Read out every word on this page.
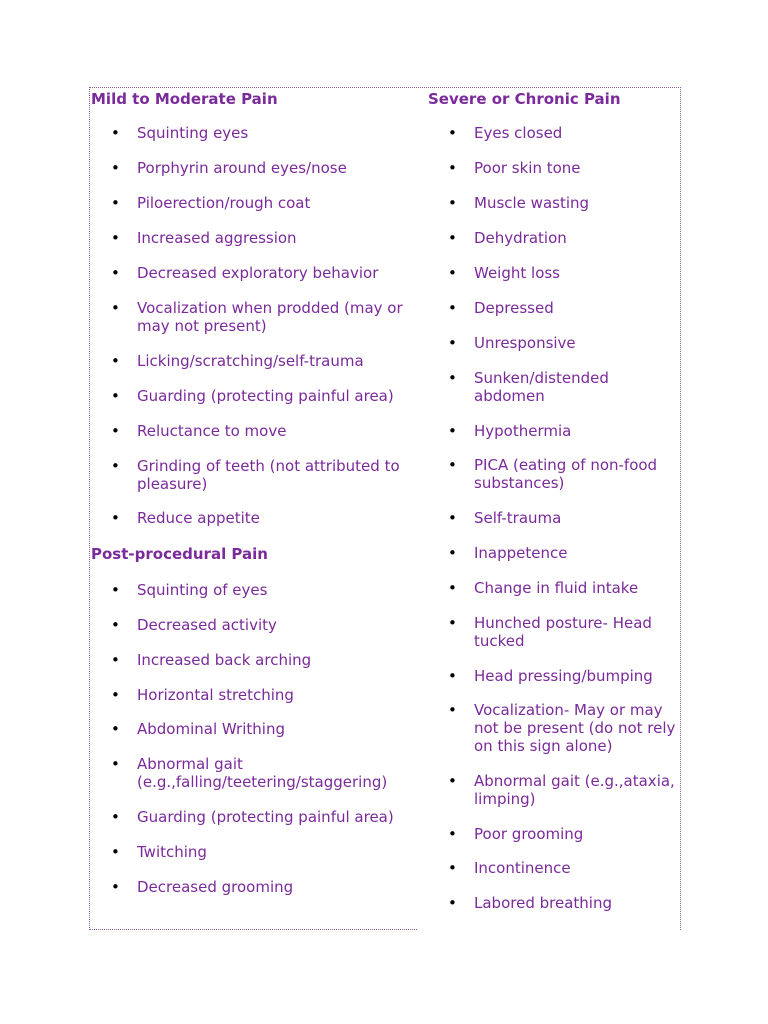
Mild to Moderate Pain
• Squinting eyes
• Porphyrin around eyes/nose
• Piloerection/rough coat
• Increased aggression
• Decreased exploratory behavior
• Vocalization when prodded (may or may not present)
• Licking/scratching/self-trauma
• Guarding (protecting painful area)
• Reluctance to move
• Grinding of teeth (not attributed to pleasure)
• Reduce appetite
Post-procedural Pain
• Squinting of eyes
• Decreased activity
• Increased back arching
• Horizontal stretching
• Abdominal Writhing
• Abnormal gait (e.g.,falling/teetering/staggering)
• Guarding (protecting painful area)
• Twitching
• Decreased grooming
Severe or Chronic Pain
• Eyes closed
• Poor skin tone
• Muscle wasting
• Dehydration
• Weight loss
• Depressed
• Unresponsive
• Sunken/distended abdomen
• Hypothermia
• PICA (eating of non-food substances)
• Self-trauma
• Inappetence
• Change in fluid intake
• Hunched posture- Head tucked
• Head pressing/bumping
• Vocalization- May or may not be present (do not rely on this sign alone)
• Abnormal gait (e.g.,ataxia, limping)
• Poor grooming
• Incontinence
• Labored breathing
